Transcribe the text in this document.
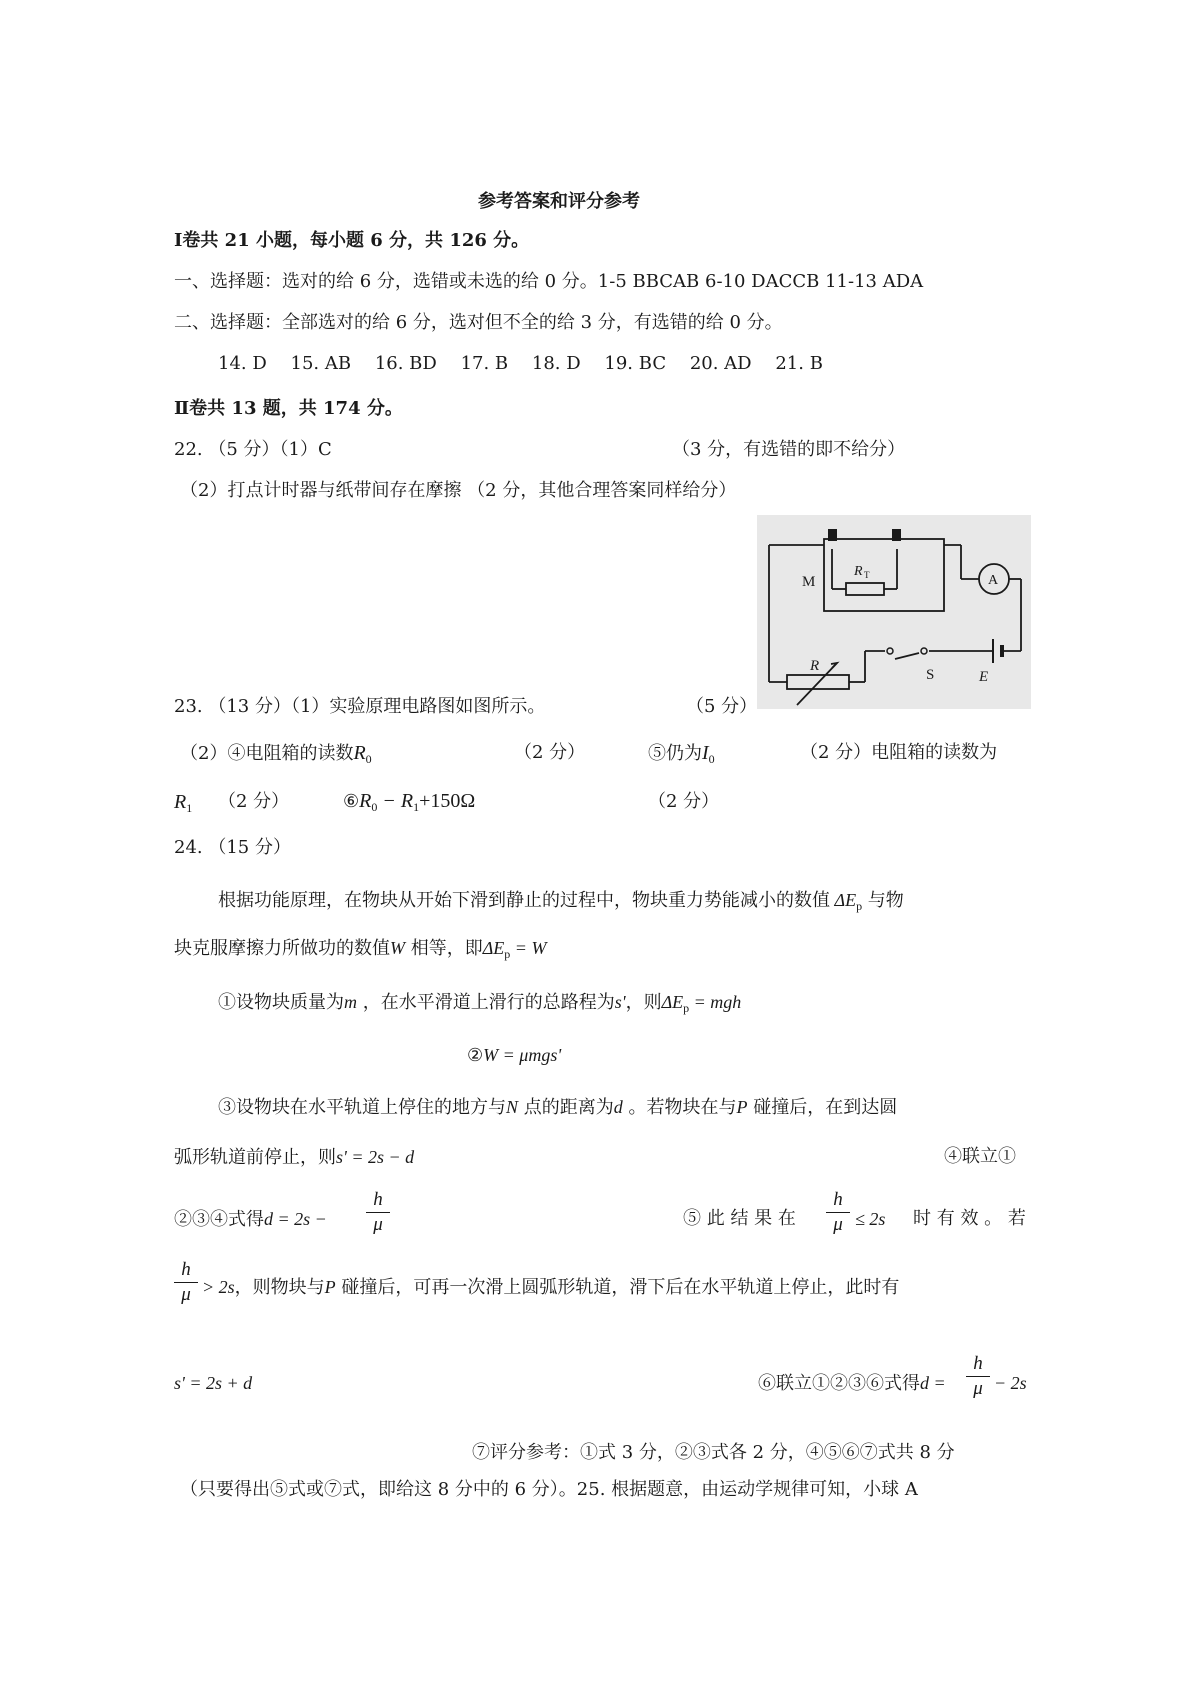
参考答案和评分参考
Ⅰ卷共 21 小题，每小题 6 分，共 126 分。
一、选择题：选对的给 6 分，选错或未选的给 0 分。1-5 BBCAB 6-10 DACCB 11-13 ADA
二、选择题：全部选对的给 6 分，选对但不全的给 3 分，有选错的给 0 分。
14. D 15. AB 16. BD 17. B 18. D 19. BC 20. AD 21. B
Ⅱ卷共 13 题，共 174 分。
22. （5 分）（1）C	（3 分，有选错的即不给分）
（2）打点计时器与纸带间存在摩擦 （2 分，其他合理答案同样给分）
M
R T	A
R
S	E
23. （13 分）（1）实验原理电路图如图所示。	（5 分）
（2）④电阻箱的读数$R_0$	（2 分）	⑤仍为$I_0$	（2 分）电阻箱的读数为
$R_1$ （2 分）	$⑥R_0 - R_1+150\Omega$	（2 分）
24. （15 分）
根据功能原理，在物块从开始下滑到静止的过程中，物块重力势能减小的数值 $\Delta E_p$ 与物
块克服摩擦力所做功的数值W 相等，即$\Delta E_p = W$
①设物块质量为m ，在水平滑道上滑行的总路程为s'，则$\Delta E_p$ = mgh
②W = μmgs'
③设物块在水平轨道上停住的地方与N 点的距离为d 。若物块在与P 碰撞后，在到达圆
弧形轨道前停止，则s' = 2s − d	④联立①
②③④式得d = 2s −
h
μ	⑤ 此 结 果 在
h
μ ≤ 2s 时 有 效 。 若
h
μ > 2s，则物块与P 碰撞后，可再一次滑上圆弧形轨道，滑下后在水平轨道上停止，此时有
s' = 2s + d	⑥联立①②③⑥式得d =
h
μ − 2s
⑦评分参考：①式 3 分，②③式各 2 分，④⑤⑥⑦式共 8 分
（只要得出⑤式或⑦式，即给这 8 分中的 6 分）。25. 根据题意，由运动学规律可知，小球 A
